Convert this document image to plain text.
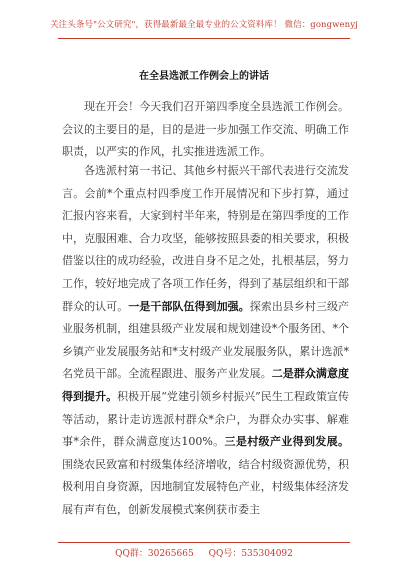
关注头条号"公文研究"，获得最新最全最专业的公文资料库！ 微信：gongwenyj
在全县选派工作例会上的讲话

现在开会！今天我们召开第四季度全县选派工作例会。会议的主要目的是，目的是进一步加强工作交流、明确工作职责，以严实的作风，扎实推进选派工作。

各选派村第一书记、其他乡村振兴干部代表进行交流发言。会前*个重点村四季度工作开展情况和下步打算，通过汇报内容来看，大家到村半年来，特别是在第四季度的工作中，克服困难、合力攻坚，能够按照县委的相关要求，积极借鉴以往的成功经验，改进自身不足之处，扎根基层，努力工作，较好地完成了各项工作任务，得到了基层组织和干部群众的认可。一是干部队伍得到加强。探索出县乡村三级产业服务机制，组建县级产业发展和规划建设*个服务团、*个乡镇产业发展服务站和*支村级产业发展服务队，累计选派*名党员干部。全流程跟进、服务产业发展。二是群众满意度得到提升。积极开展“党建引领乡村振兴”民生工程政策宣传等活动，累计走访选派村群众*余户，为群众办实事、解难事*余件，群众满意度达100%。三是村级产业得到发展。围绕农民致富和村级集体经济增收，结合村级资源优势，积极利用自身资源，因地制宜发展特色产业，村级集体经济发展有声有色，创新发展模式案例获市委主

QQ群：30265665 QQ号：535304092
